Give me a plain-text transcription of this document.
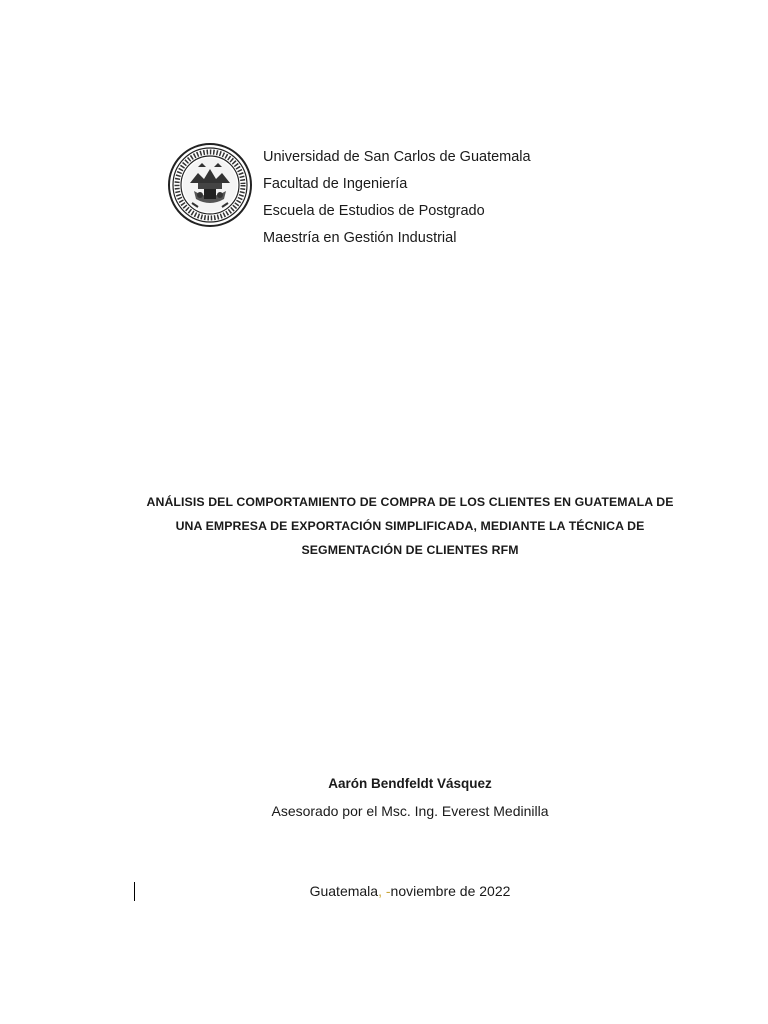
Universidad de San Carlos de Guatemala
Facultad de Ingeniería
Escuela de Estudios de Postgrado
Maestría en Gestión Industrial
ANÁLISIS DEL COMPORTAMIENTO DE COMPRA DE LOS CLIENTES EN GUATEMALA DE
UNA EMPRESA DE EXPORTACIÓN SIMPLIFICADA, MEDIANTE LA TÉCNICA DE
SEGMENTACIÓN DE CLIENTES RFM
Aarón Bendfeldt Vásquez
Asesorado por el Msc. Ing. Everest Medinilla
Guatemala, -noviembre de 2022
